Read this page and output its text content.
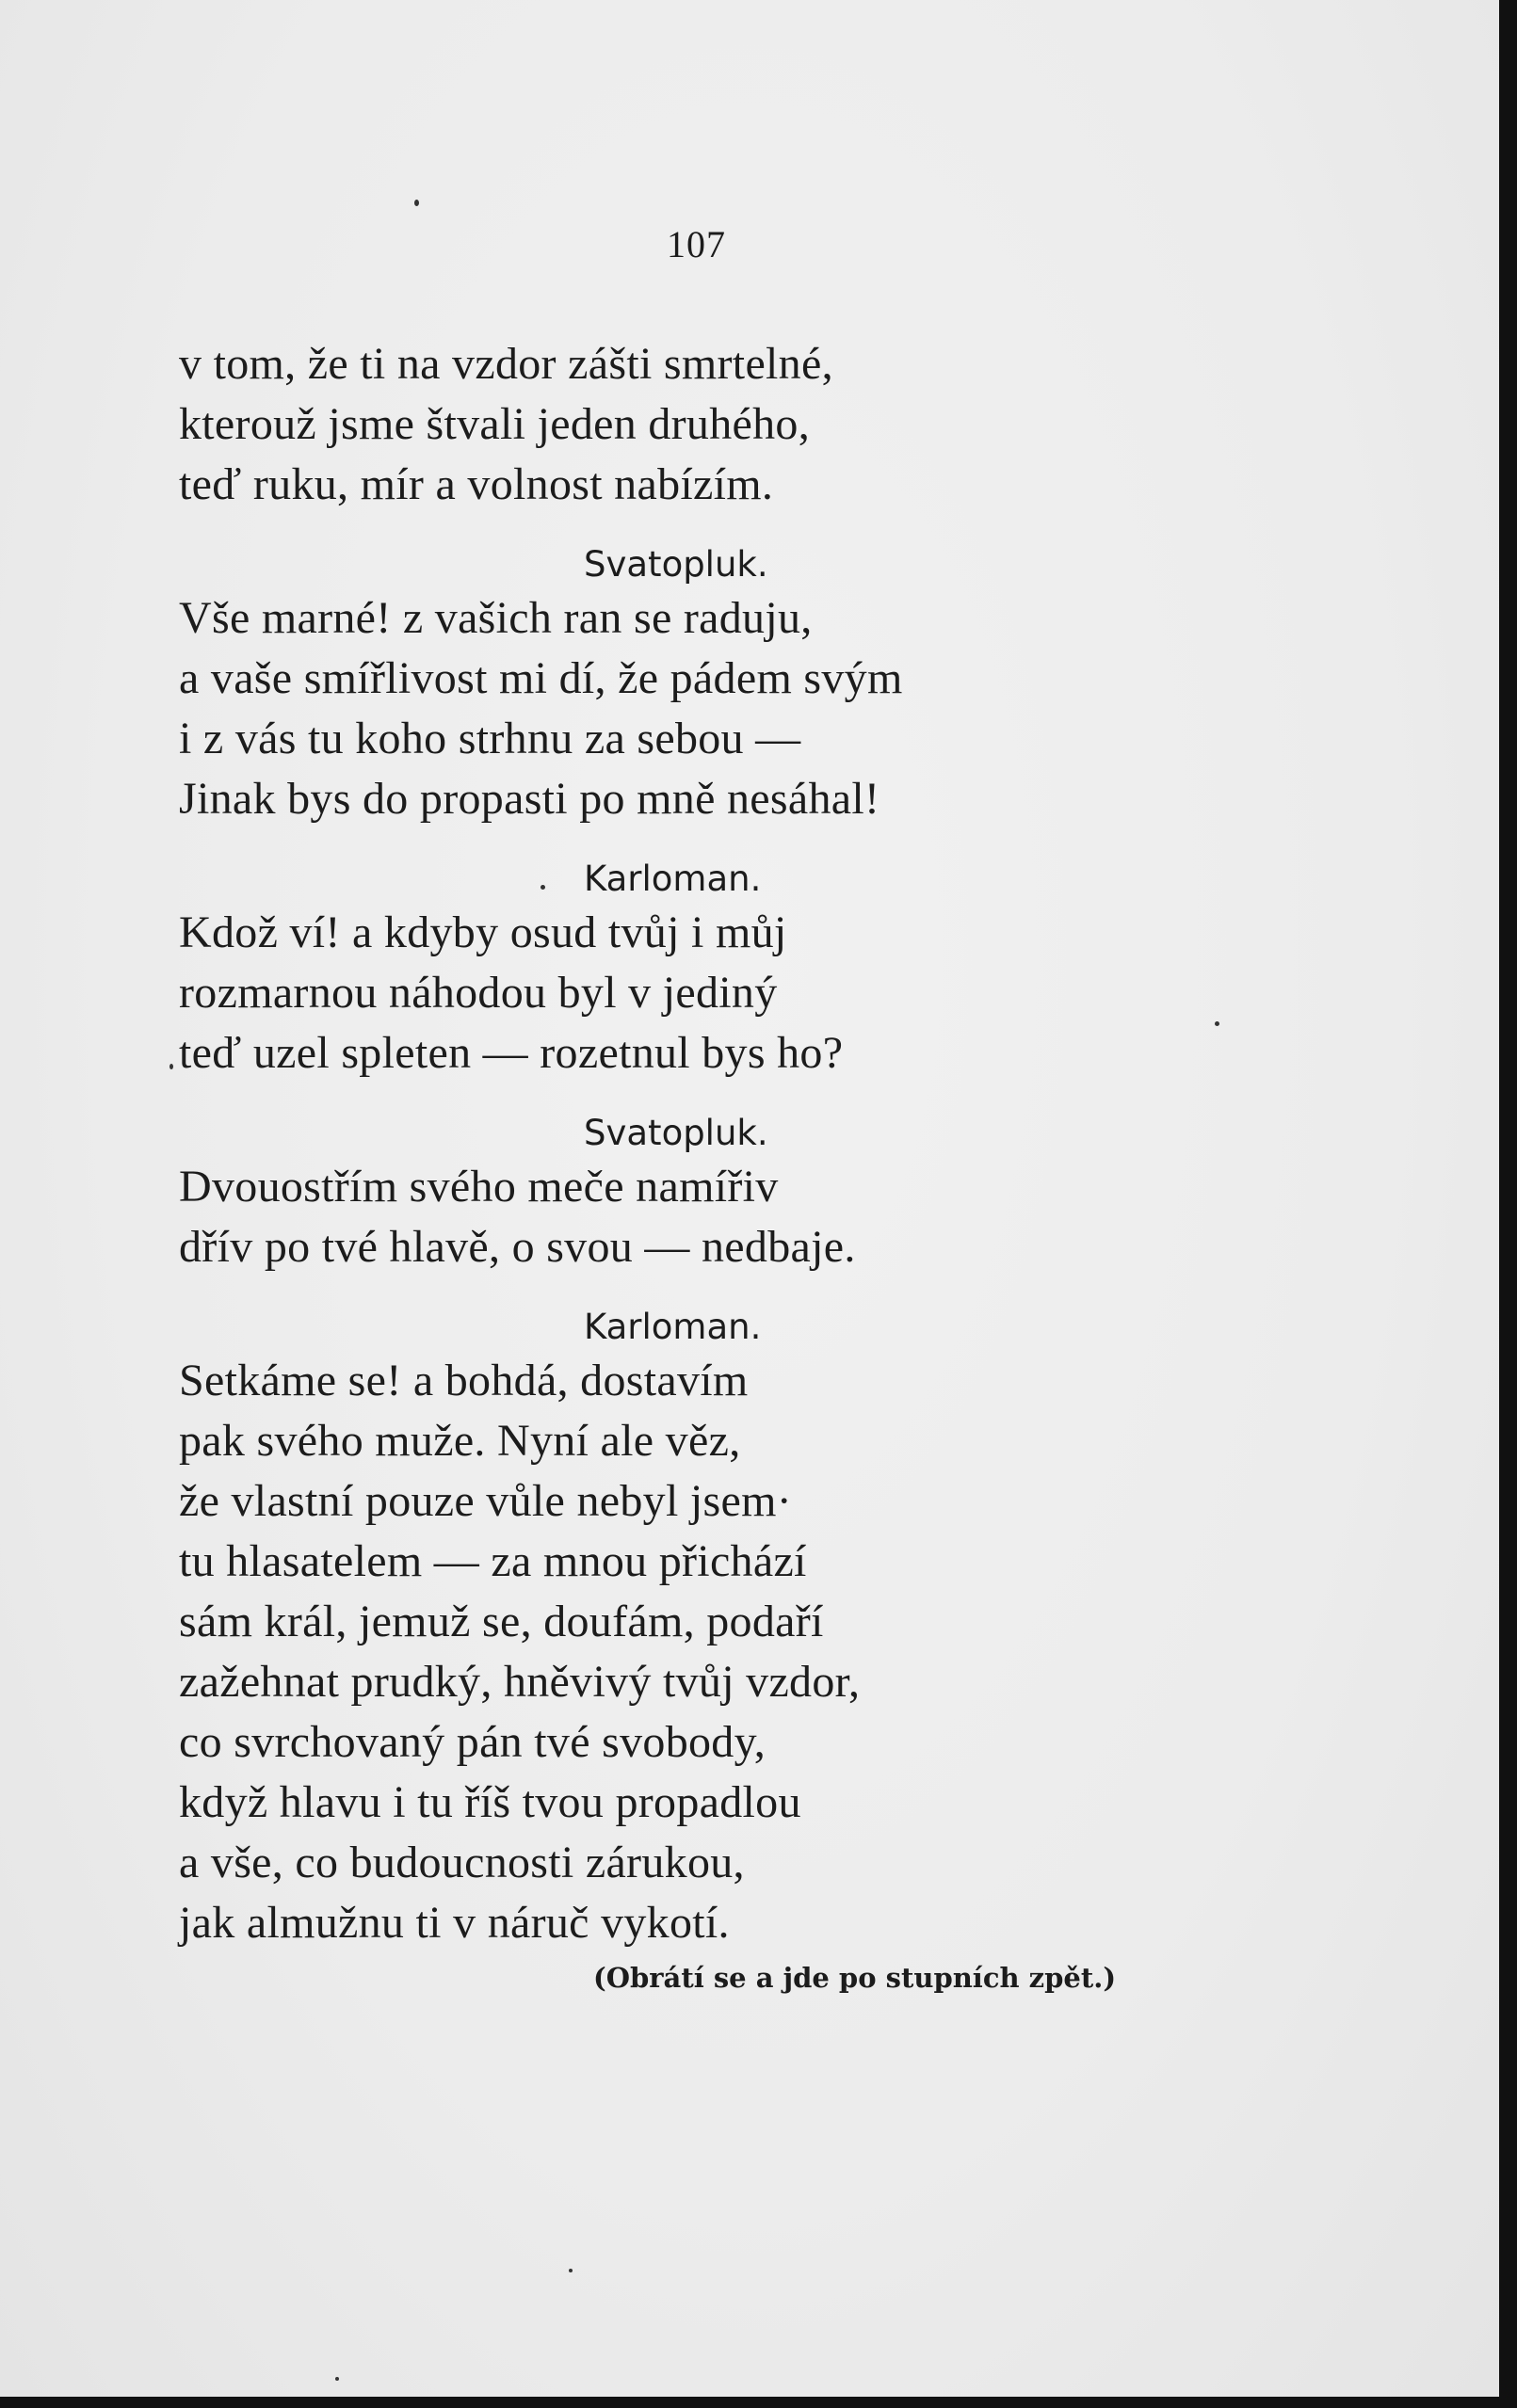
107
v tom, že ti na vzdor zášti smrtelné,
kterouž jsme štvali jeden druhého,
teď ruku, mír a volnost nabízím.
Svatopluk.
Vše marné! z vašich ran se raduju,
a vaše smířlivost mi dí, že pádem svým
i z vás tu koho strhnu za sebou —
Jinak bys do propasti po mně nesáhal!
Karloman.
Kdož ví! a kdyby osud tvůj i můj
rozmarnou náhodou byl v jediný
teď uzel spleten — rozetnul bys ho?
Svatopluk.
Dvouostřím svého meče namířiv
dřív po tvé hlavě, o svou — nedbaje.
Karloman.
Setkáme se! a bohdá, dostavím
pak svého muže. Nyní ale věz,
že vlastní pouze vůle nebyl jsem·
tu hlasatelem — za mnou přichází
sám král, jemuž se, doufám, podaří
zažehnat prudký, hněvivý tvůj vzdor,
co svrchovaný pán tvé svobody,
když hlavu i tu říš tvou propadlou
a vše, co budoucnosti zárukou,
jak almužnu ti v náruč vykotí.
(Obrátí se a jde po stupních zpět.)
